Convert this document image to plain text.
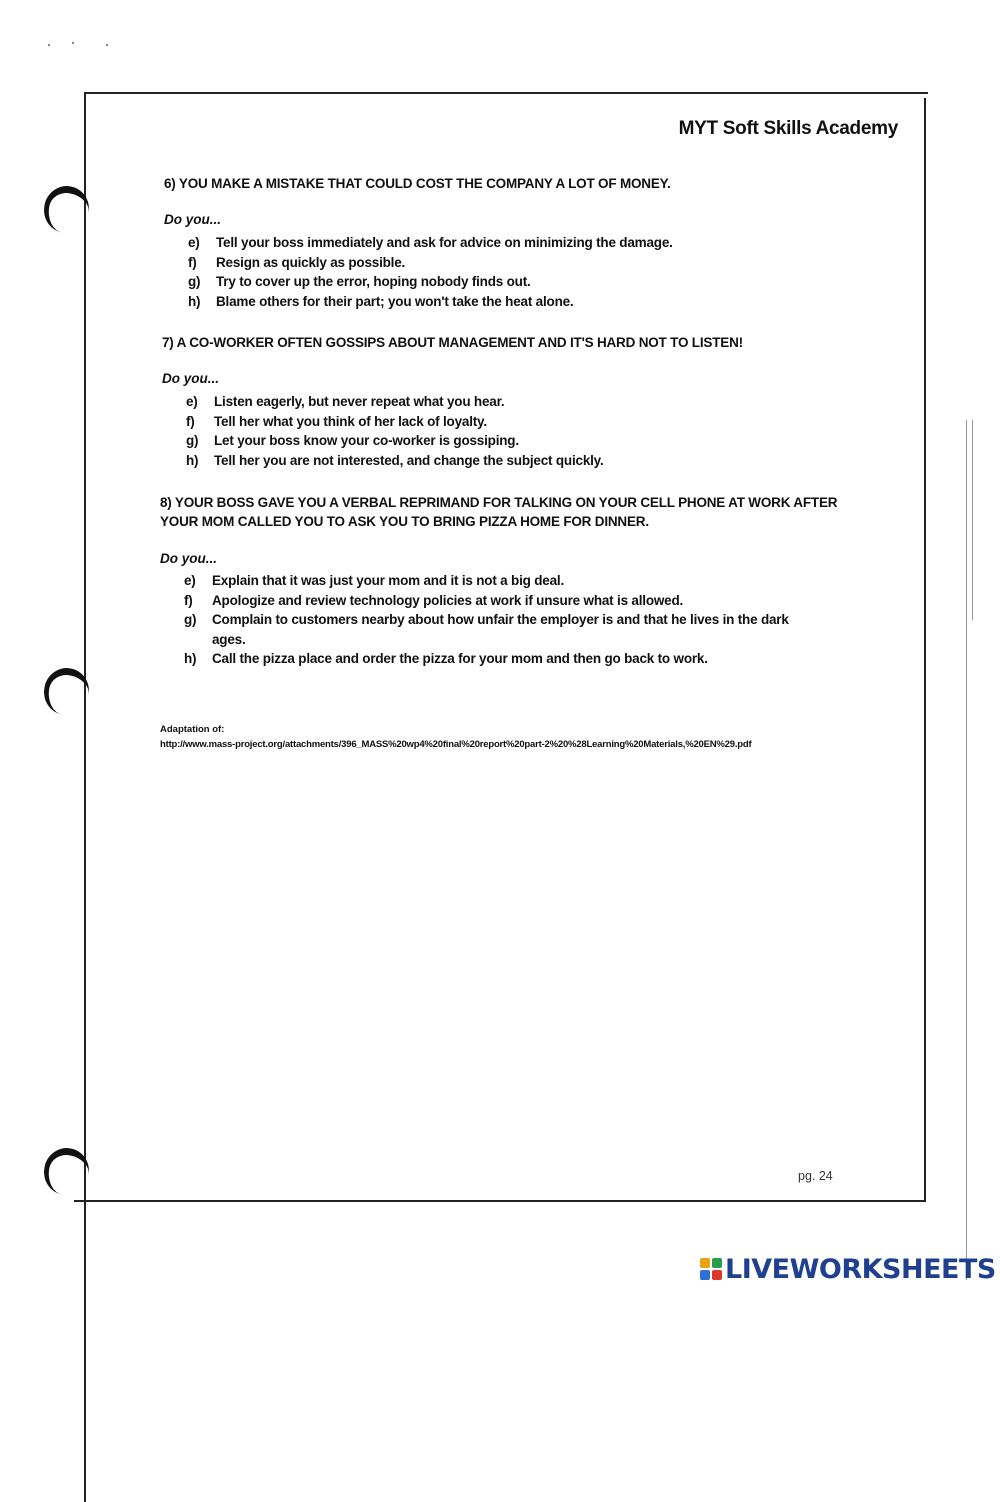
MYT Soft Skills Academy
6) YOU MAKE A MISTAKE THAT COULD COST THE COMPANY A LOT OF MONEY.
Do you...
e) Tell your boss immediately and ask for advice on minimizing the damage.
f) Resign as quickly as possible.
g) Try to cover up the error, hoping nobody finds out.
h) Blame others for their part; you won't take the heat alone.
7) A CO-WORKER OFTEN GOSSIPS ABOUT MANAGEMENT AND IT'S HARD NOT TO LISTEN!
Do you...
e) Listen eagerly, but never repeat what you hear.
f) Tell her what you think of her lack of loyalty.
g) Let your boss know your co-worker is gossiping.
h) Tell her you are not interested, and change the subject quickly.
8) YOUR BOSS GAVE YOU A VERBAL REPRIMAND FOR TALKING ON YOUR CELL PHONE AT WORK AFTER YOUR MOM CALLED YOU TO ASK YOU TO BRING PIZZA HOME FOR DINNER.
Do you...
e) Explain that it was just your mom and it is not a big deal.
f) Apologize and review technology policies at work if unsure what is allowed.
g) Complain to customers nearby about how unfair the employer is and that he lives in the dark ages.
h) Call the pizza place and order the pizza for your mom and then go back to work.
Adaptation of:
http://www.mass-project.org/attachments/396_MASS%20wp4%20final%20report%20part-2%20%28Learning%20Materials,%20EN%29.pdf
pg. 24
LIVEWORKSHEETS
